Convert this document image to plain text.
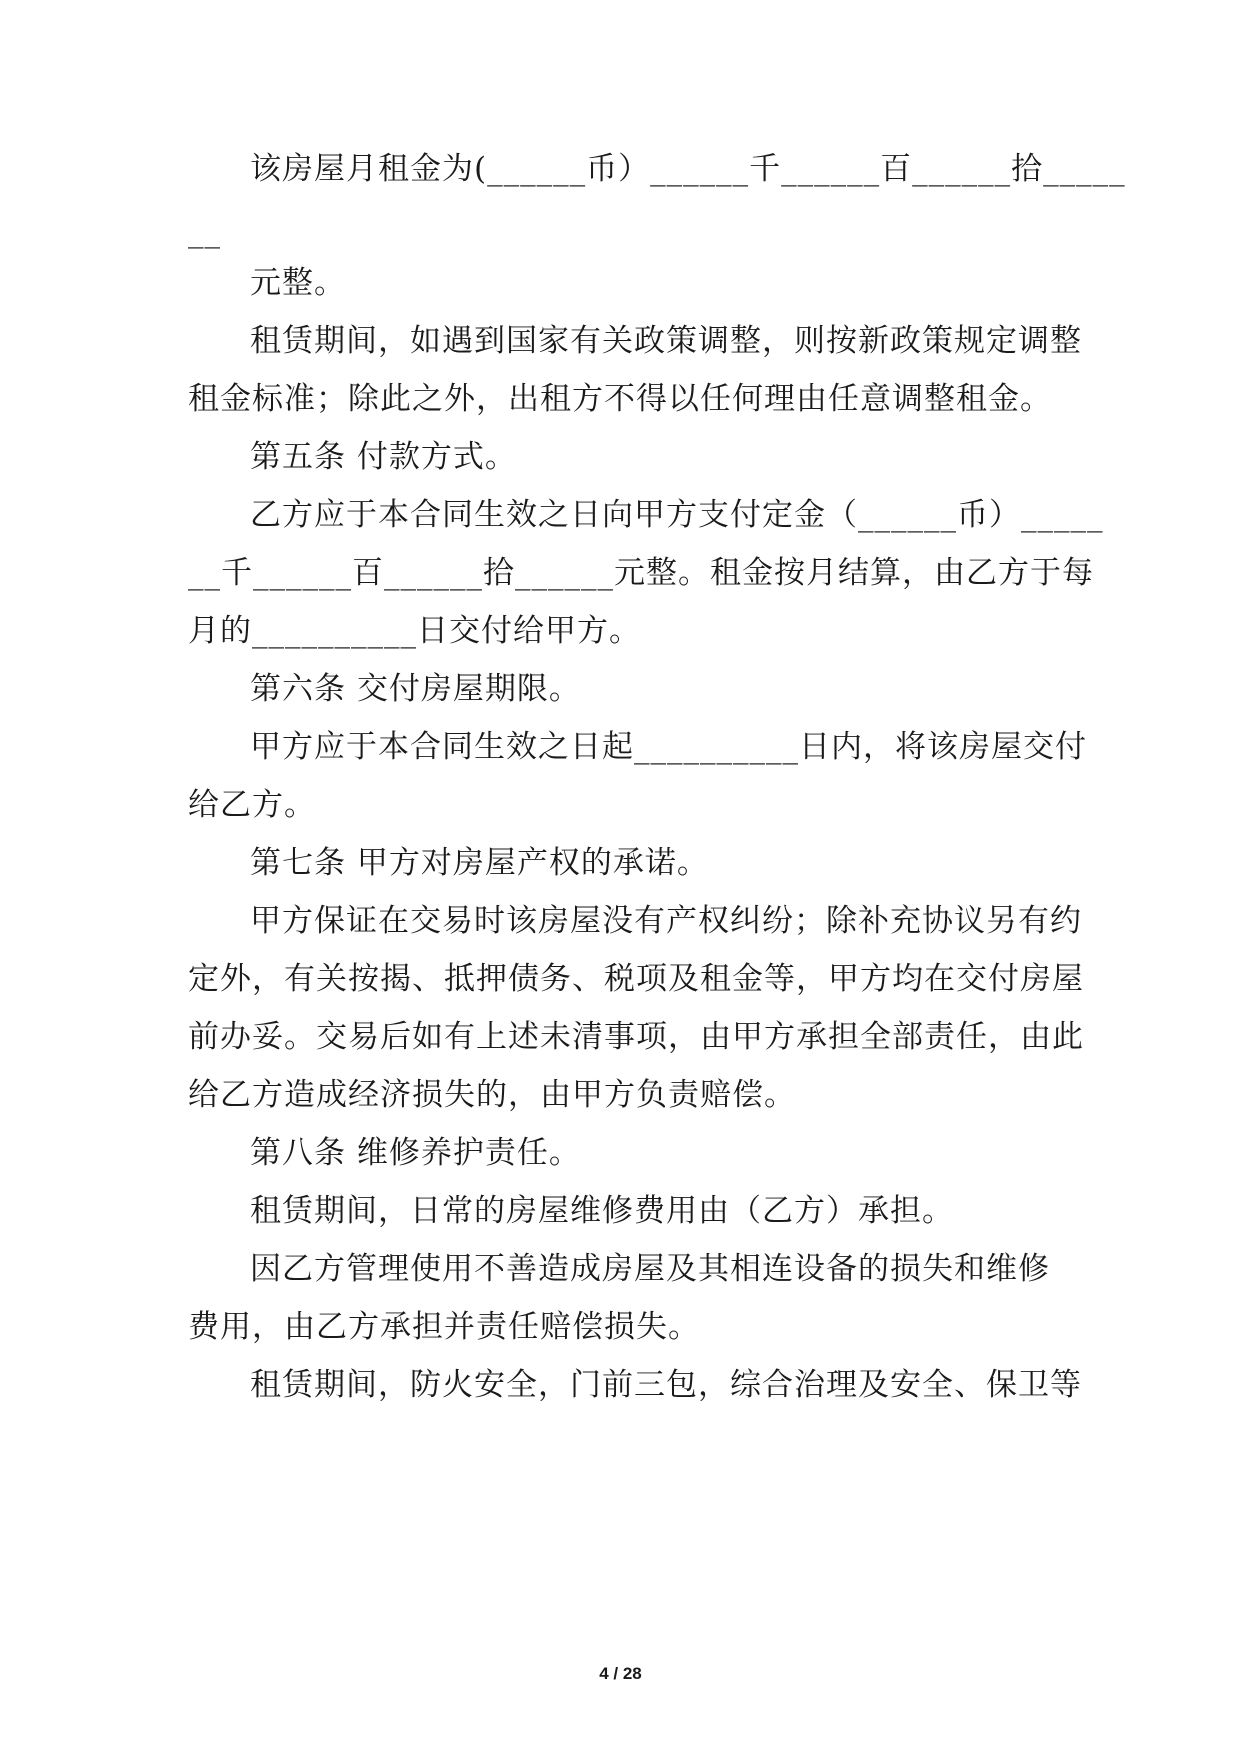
该房屋月租金为(______币）______千______百______拾_____
__
元整。
租赁期间，如遇到国家有关政策调整，则按新政策规定调整
租金标准；除此之外，出租方不得以任何理由任意调整租金。
第五条 付款方式。
乙方应于本合同生效之日向甲方支付定金（______币）_____
__千______百______拾______元整。租金按月结算，由乙方于每
月的__________日交付给甲方。
第六条 交付房屋期限。
甲方应于本合同生效之日起__________日内，将该房屋交付
给乙方。
第七条 甲方对房屋产权的承诺。
甲方保证在交易时该房屋没有产权纠纷；除补充协议另有约
定外，有关按揭、抵押债务、税项及租金等，甲方均在交付房屋
前办妥。交易后如有上述未清事项，由甲方承担全部责任，由此
给乙方造成经济损失的，由甲方负责赔偿。
第八条 维修养护责任。
租赁期间，日常的房屋维修费用由（乙方）承担。
因乙方管理使用不善造成房屋及其相连设备的损失和维修
费用，由乙方承担并责任赔偿损失。
租赁期间，防火安全，门前三包，综合治理及安全、保卫等
4 / 28
